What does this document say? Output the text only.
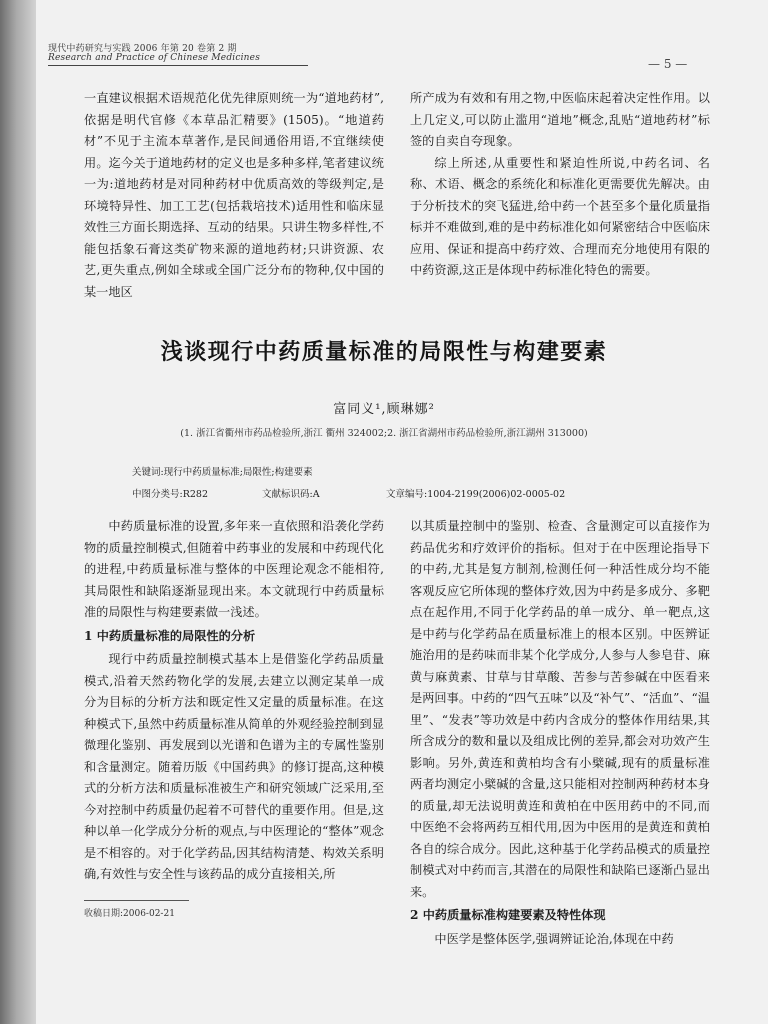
现代中药研究与实践 2006 年第 20 卷第 2 期
Research and Practice of Chinese Medicines	— 5 —

一直建议根据术语规范化优先律原则统一为“道地药材”,依据是明代官修《本草品汇精要》(1505)。“地道药材”不见于主流本草著作,是民间通俗用语,不宜继续使用。迄今关于道地药材的定义也是多种多样,笔者建议统一为:道地药材是对同种药材中优质高效的等级判定,是环境特异性、加工工艺(包括栽培技术)适用性和临床显效性三方面长期选择、互动的结果。只讲生物多样性,不能包括象石膏这类矿物来源的道地药材;只讲资源、农艺,更失重点,例如全球或全国广泛分布的物种,仅中国的某一地区

所产成为有效和有用之物,中医临床起着决定性作用。以上几定义,可以防止滥用“道地”概念,乱贴“道地药材”标签的自卖自夸现象。

综上所述,从重要性和紧迫性所说,中药名词、名称、术语、概念的系统化和标准化更需要优先解决。由于分析技术的突飞猛进,给中药一个甚至多个量化质量指标并不难做到,难的是中药标准化如何紧密结合中医临床应用、保证和提高中药疗效、合理而充分地使用有限的中药资源,这正是体现中药标准化特色的需要。

浅谈现行中药质量标准的局限性与构建要素
富同义¹,顾琳娜²
(1. 浙江省衢州市药品检验所,浙江 衢州 324002;2. 浙江省湖州市药品检验所,浙江湖州 313000)
关键词:现行中药质量标准;局限性;构建要素
中图分类号:R282	文献标识码:A	文章编号:1004-2199(2006)02-0005-02

中药质量标准的设置,多年来一直依照和沿袭化学药物的质量控制模式,但随着中药事业的发展和中药现代化的进程,中药质量标准与整体的中医理论观念不能相符,其局限性和缺陷逐渐显现出来。本文就现行中药质量标准的局限性与构建要素做一浅述。

1 中药质量标准的局限性的分析

现行中药质量控制模式基本上是借鉴化学药品质量模式,沿着天然药物化学的发展,去建立以测定某单一成分为目标的分析方法和既定性又定量的质量标准。在这种模式下,虽然中药质量标准从简单的外观经验控制到显微理化鉴别、再发展到以光谱和色谱为主的专属性鉴别和含量测定。随着历版《中国药典》的修订提高,这种模式的分析方法和质量标准被生产和研究领域广泛采用,至今对控制中药质量仍起着不可替代的重要作用。但是,这种以单一化学成分分析的观点,与中医理论的“整体”观念是不相容的。对于化学药品,因其结构清楚、构效关系明确,有效性与安全性与该药品的成分直接相关,所

以其质量控制中的鉴别、检查、含量测定可以直接作为药品优劣和疗效评价的指标。但对于在中医理论指导下的中药,尤其是复方制剂,检测任何一种活性成分均不能客观反应它所体现的整体疗效,因为中药是多成分、多靶点在起作用,不同于化学药品的单一成分、单一靶点,这是中药与化学药品在质量标准上的根本区别。中医辨证施治用的是药味而非某个化学成分,人参与人参皂苷、麻黄与麻黄素、甘草与甘草酸、苦参与苦参碱在中医看来是两回事。中药的“四气五味”以及“补气”、“活血”、“温里”、“发表”等功效是中药内含成分的整体作用结果,其所含成分的数和量以及组成比例的差异,都会对功效产生影响。另外,黄连和黄柏均含有小檗碱,现有的质量标准两者均测定小檗碱的含量,这只能相对控制两种药材本身的质量,却无法说明黄连和黄柏在中医用药中的不同,而中医绝不会将两药互相代用,因为中医用的是黄连和黄柏各自的综合成分。因此,这种基于化学药品模式的质量控制模式对中药而言,其潜在的局限性和缺陷已逐渐凸显出来。

2 中药质量标准构建要素及特性体现

中医学是整体医学,强调辨证论治,体现在中药

收稿日期:2006-02-21
